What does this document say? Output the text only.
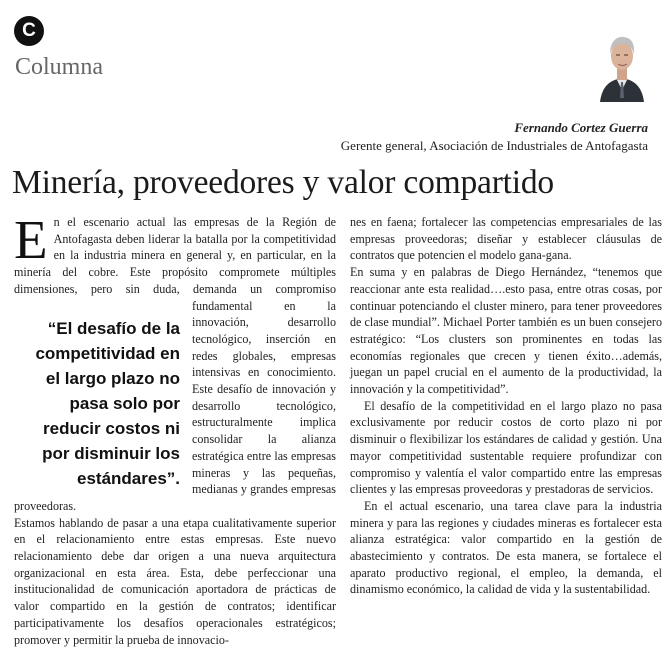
C
Columna
Fernando Cortez Guerra
Gerente general, Asociación de Industriales de Antofagasta
Minería, proveedores y valor compartido
E n el escenario actual las empresas de la Región de Antofagasta deben liderar la batalla por la competitividad en la industria minera en general y, en particular, en la minería del cobre. Este propósito compromete múltiples dimensiones, pero sin duda, demanda un
“El desafío de la competitividad en el largo plazo no pasa solo por reducir costos ni por disminuir los estándares”.
compromiso fundamental en la innovación, desarrollo tecnológico, inserción en redes globales, empresas intensivas en conocimiento. Este desafío de innovación y desarrollo tecnológico, estructuralmente implica consolidar la alianza estratégica entre las empresas mineras y las pequeñas, medianas y grandes empresas proveedoras.

Estamos hablando de pasar a una etapa cualitativamente superior en el relacionamiento entre estas empresas. Este nuevo relacionamiento debe dar origen a una nueva arquitectura organizacional en esta área. Esta, debe perfeccionar una institucionalidad de comunicación aportadora de prácticas de valor compartido en la gestión de contratos; identificar participativamente los desafíos operacionales estratégicos; promover y permitir la prueba de innovacio-

nes en faena; fortalecer las competencias empresariales de las empresas proveedoras; diseñar y establecer cláusulas de contratos que potencien el modelo gana-gana.

En suma y en palabras de Diego Hernández, “tenemos que reaccionar ante esta realidad….esto pasa, entre otras cosas, por continuar potenciando el cluster minero, para tener proveedores de clase mundial”. Michael Porter también es un buen consejero estratégico: “Los clusters son prominentes en todas las economías regionales que crecen y tienen éxito…además, juegan un papel crucial en el aumento de la productividad, la innovación y la competitividad”.

El desafío de la competitividad en el largo plazo no pasa exclusivamente por reducir costos de corto plazo ni por disminuir o flexibilizar los estándares de calidad y gestión. Una mayor competitividad sustentable requiere profundizar con compromiso y valentía el valor compartido entre las empresas clientes y las empresas proveedoras y prestadoras de servicios.

En el actual escenario, una tarea clave para la industria minera y para las regiones y ciudades mineras es fortalecer esta alianza estratégica: valor compartido en la gestión de abastecimiento y contratos. De esta manera, se fortalece el aparato productivo regional, el empleo, la demanda, el dinamismo económico, la calidad de vida y la sustentabilidad.
